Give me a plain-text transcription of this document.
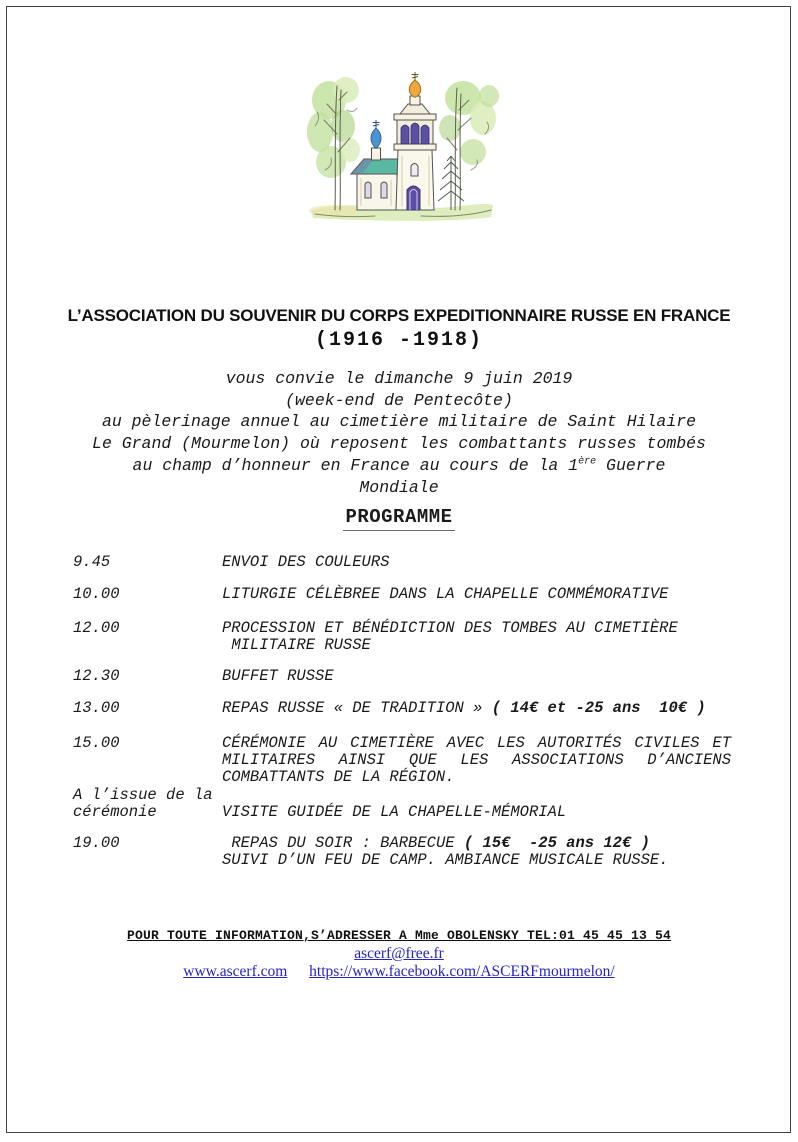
L’ASSOCIATION DU SOUVENIR DU CORPS EXPEDITIONNAIRE RUSSE EN FRANCE
(1916 -1918)
vous convie le dimanche 9 juin 2019
(week-end de Pentecôte)
au pèlerinage annuel au cimetière militaire de Saint Hilaire
Le Grand (Mourmelon) où reposent les combattants russes tombés
au champ d’honneur en France au cours de la 1ère Guerre
Mondiale
PROGRAMME
9.45	ENVOI DES COULEURS
10.00	LITURGIE CÉLÈBREE DANS LA CHAPELLE COMMÉMORATIVE
12.00	PROCESSION ET BÉNÉDICTION DES TOMBES AU CIMETIÈRE
MILITAIRE RUSSE
12.30	BUFFET RUSSE
13.00	REPAS RUSSE « DE TRADITION » ( 14€ et -25 ans  10€ )
15.00	CÉRÉMONIE AU CIMETIÈRE AVEC LES AUTORITÉS CIVILES ET
MILITAIRES AINSI QUE LES ASSOCIATIONS D’ANCIENS
COMBATTANTS DE LA RÉGION.
A l’issue de la
cérémonie	VISITE GUIDÉE DE LA CHAPELLE-MÉMORIAL
19.00	REPAS DU SOIR : BARBECUE ( 15€  -25 ans 12€ )
SUIVI D’UN FEU DE CAMP. AMBIANCE MUSICALE RUSSE.
POUR TOUTE INFORMATION,S’ADRESSER A Mme OBOLENSKY TEL:01 45 45 13 54
ascerf@free.fr
www.ascerf.com https://www.facebook.com/ASCERFmourmelon/
